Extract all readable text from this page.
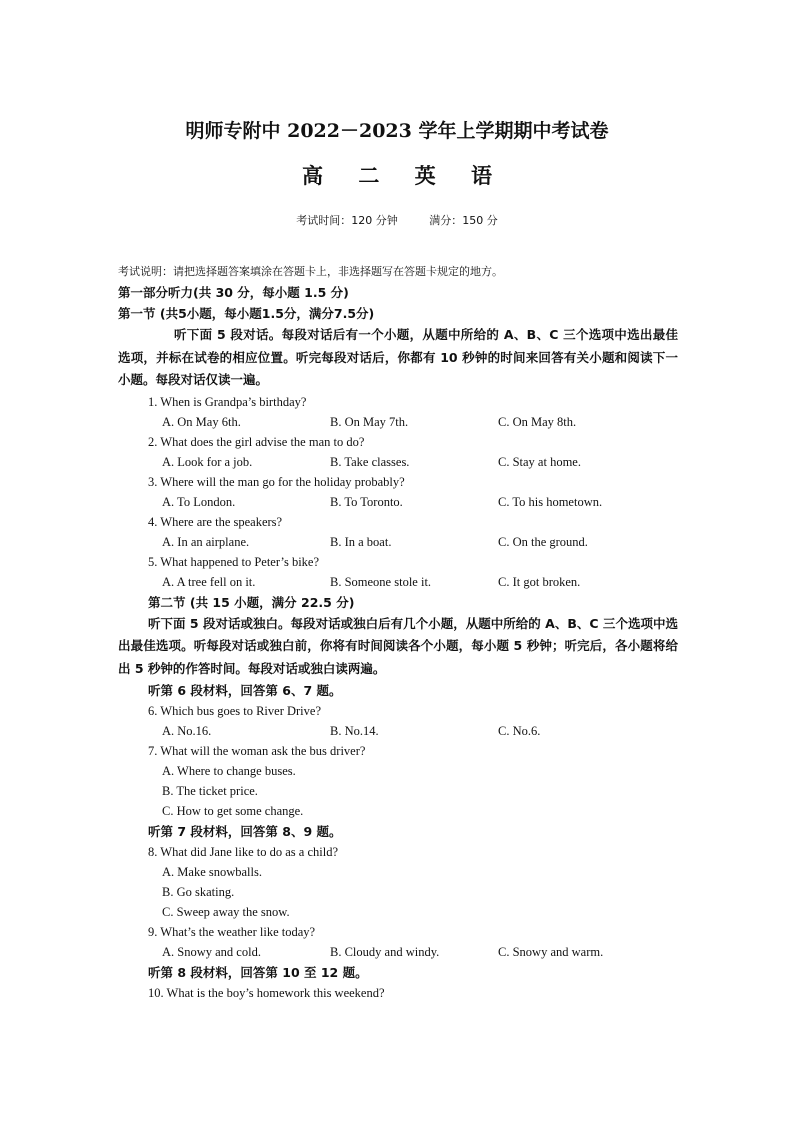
明师专附中 2022－2023 学年上学期期中考试卷
高 二 英 语
考试时间：120 分钟	满分：150 分
考试说明：请把选择题答案填涂在答题卡上，非选择题写在答题卡规定的地方。
第一部分听力(共 30 分，每小题 1.5 分)
第一节 (共5小题，每小题1.5分，满分7.5分)
听下面 5 段对话。每段对话后有一个小题，从题中所给的 A、B、C 三个选项中选出最佳选项，并标在试卷的相应位置。听完每段对话后，你都有 10 秒钟的时间来回答有关小题和阅读下一小题。每段对话仅读一遍。
1. When is Grandpa’s birthday?
A. On May 6th.	B. On May 7th.	C. On May 8th.
2. What does the girl advise the man to do?
A. Look for a job.	B. Take classes.	C. Stay at home.
3. Where will the man go for the holiday probably?
A. To London.	B. To Toronto.	C. To his hometown.
4. Where are the speakers?
A. In an airplane.	B. In a boat.	C. On the ground.
5. What happened to Peter’s bike?
A. A tree fell on it.	B. Someone stole it.	C. It got broken.
第二节 (共 15 小题，满分 22.5 分)
听下面 5 段对话或独白。每段对话或独白后有几个小题，从题中所给的 A、B、C 三个选项中选出最佳选项。听每段对话或独白前，你将有时间阅读各个小题，每小题 5 秒钟；听完后，各小题将给出 5 秒钟的作答时间。每段对话或独白读两遍。
听第 6 段材料，回答第 6、7 题。
6. Which bus goes to River Drive?
A. No.16.	B. No.14.	C. No.6.
7. What will the woman ask the bus driver?
A. Where to change buses.
B. The ticket price.
C. How to get some change.
听第 7 段材料，回答第 8、9 题。
8. What did Jane like to do as a child?
A. Make snowballs.
B. Go skating.
C. Sweep away the snow.
9. What’s the weather like today?
A. Snowy and cold.	B. Cloudy and windy.	C. Snowy and warm.
听第 8 段材料，回答第 10 至 12 题。
10. What is the boy’s homework this weekend?
